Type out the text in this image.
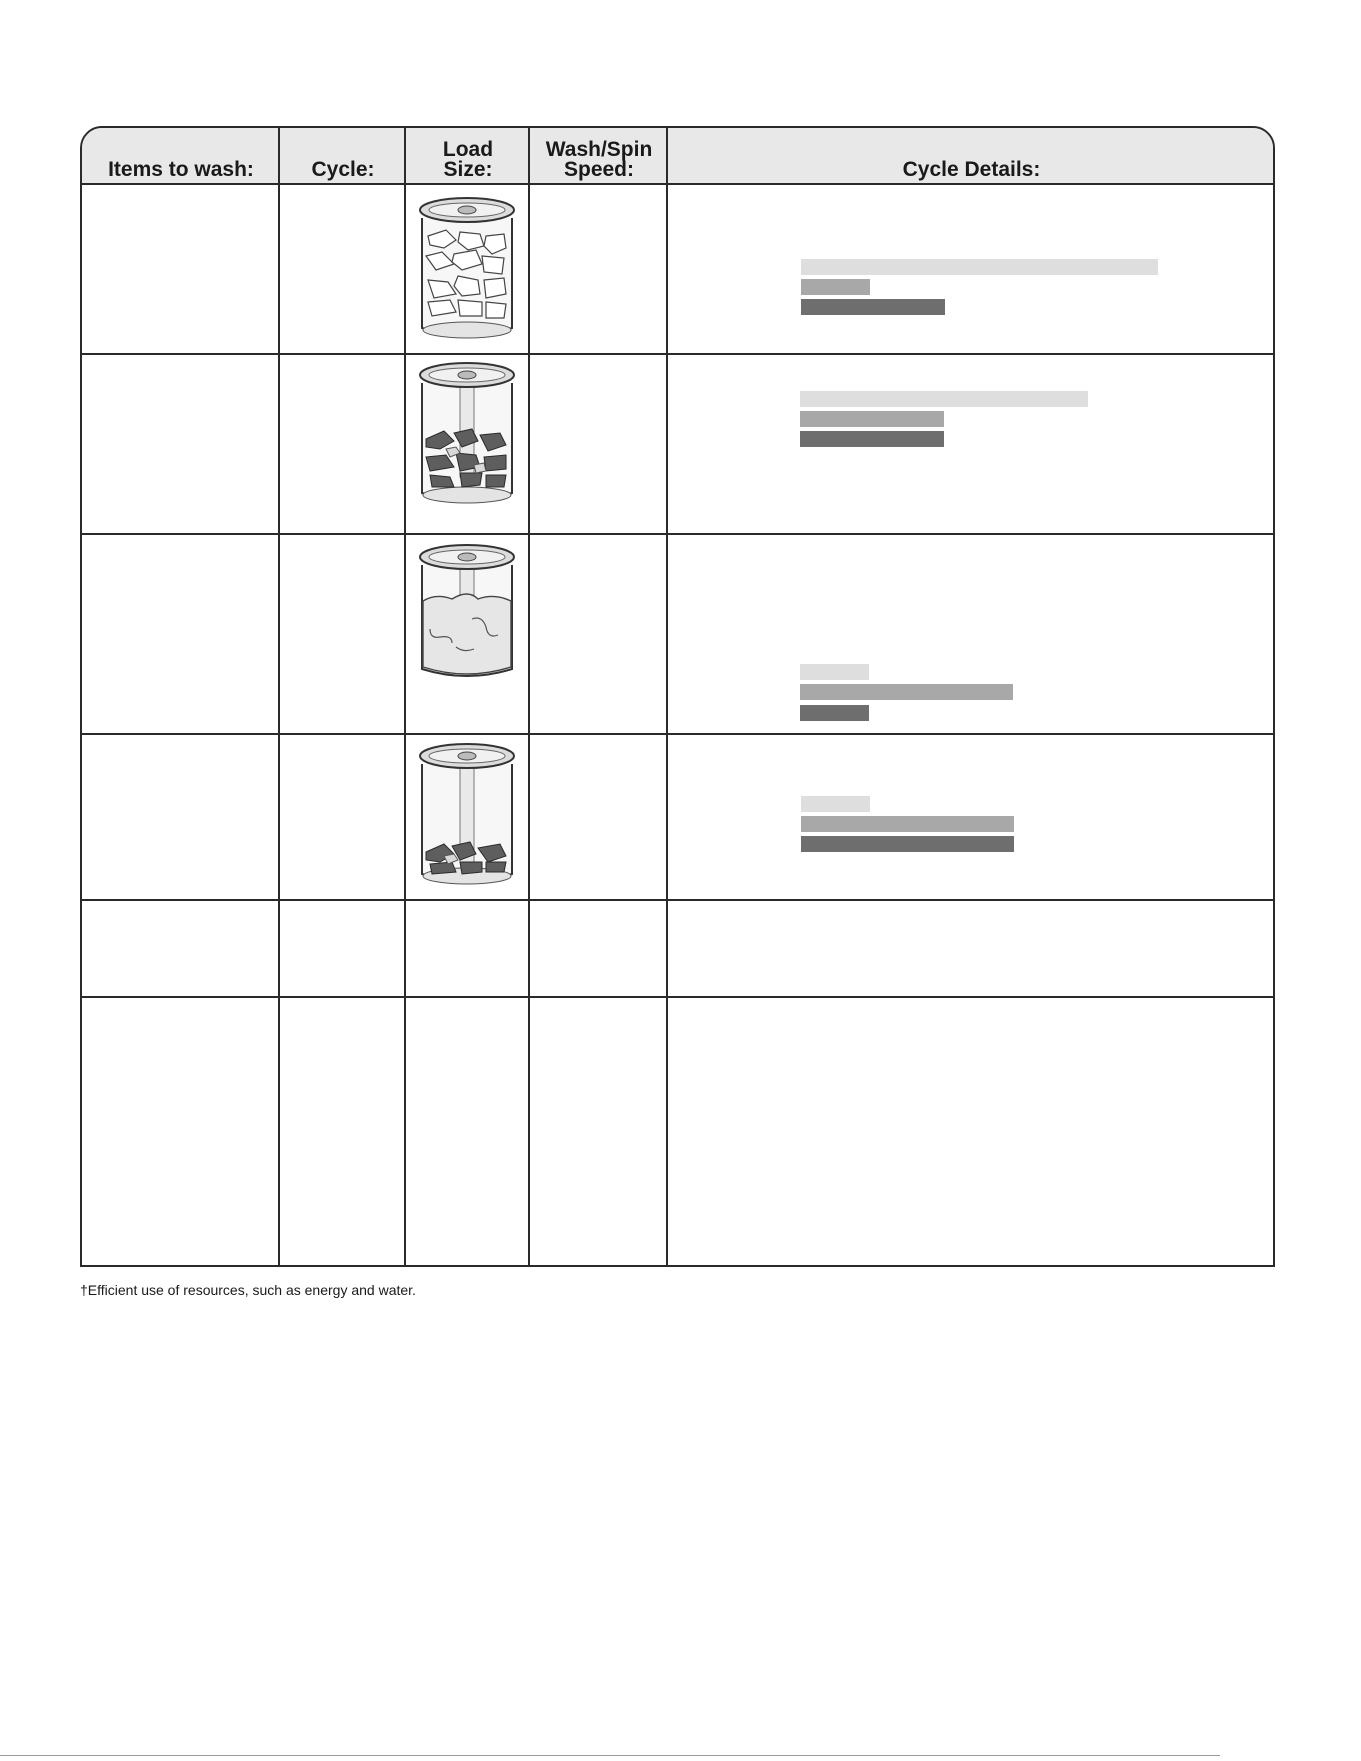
Items to wash:	Cycle:
Load
Size:
Wash/Spin
Speed:	Cycle Details:
†Efficient use of resources, such as energy and water.
